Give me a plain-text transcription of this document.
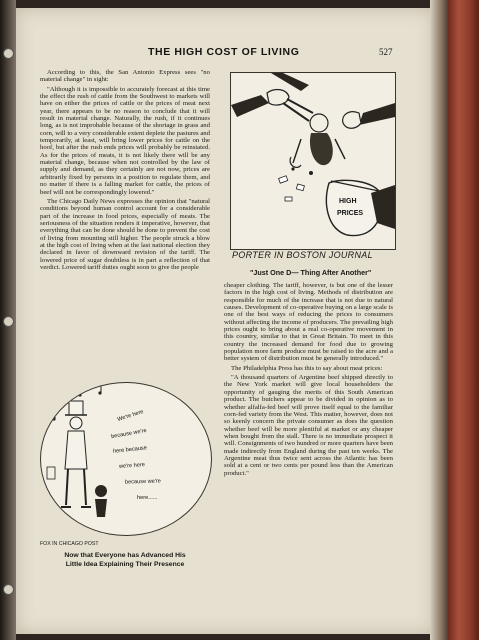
THE HIGH COST OF LIVING	527

According to this, the San Antonio Express sees "no material change" in sight:

"Although it is impossible to accurately forecast at this time the effect the rush of cattle from the Southwest to markets will have on either the prices of cattle or the prices of meat next year, there appears to be no reason to conclude that it will result in material change. Naturally, the rush, if it continues long, as is not improbable because of the shortage in grass and corn, will to a very considerable extent deplete the pastures and temporarily, at least, will bring lower prices for cattle on the hoof, but after the rush ends prices will probably be reinstated. As for the prices of meats, it is not likely there will be any material change, because when not controlled by the law of supply and demand, as they certainly are not now, prices are arbitrarily fixed by persons in a position to regulate them, and no matter if there is a falling market for cattle, the prices of beef will not be correspondingly lowered."

The Chicago Daily News expresses the opinion that "natural conditions beyond human control account for a considerable part of the increase in food prices, especially of meats. The seriousness of the situation renders it imperative, however, that everything that can be done should be done to prevent the cost of living from mounting still higher. The people struck a blow at the high cost of living when at the last national election they declared in favor of downward revision of the tariff. The lowered price of sugar doubtless is in part a reflection of that verdict. Lowered tariff duties ought soon to give the people

cheaper clothing. The tariff, however, is but one of the lesser factors in the high cost of living. Methods of distribution are responsible for much of the increase that is not due to natural causes. Development of co-operative buying on a large scale is one of the best ways of reducing the prices to consumers without affecting the income of producers. The prevailing high prices ought to bring about a real co-operative movement in this country, similar to that in Great Britain. To meet in this country the increased demand for food due to growing population more farm produce must be raised to the acre and a better system of distribution must be generally introduced."

The Philadelphia Press has this to say about meat prices:

"A thousand quarters of Argentine beef shipped directly to the New York market will give local householders the opportunity of gauging the merits of this South American product. The butchers appear to be divided in opinion as to whether alfalfa-fed beef will prove itself equal to the familiar corn-fed variety from the West. This matter, however, does not so keenly concern the private consumer as does the question whether beef will be more plentiful at market or any cheaper when bought from the stall. There is no immediate prospect it will. Consignments of two hundred or more quarters have been made indirectly from England during the past ten weeks. The Argentine meat thus twice sent across the Atlantic has been sold at a cent or two cents per pound less than the American product."

HIGH
PRICES
PORTER IN BOSTON JOURNAL
"Just One D— Thing After Another"
We're here
because we're
here because
we're here
because we're
here......
FOX IN CHICAGO POST
Now that Everyone has Advanced His
Little Idea Explaining Their Presence
